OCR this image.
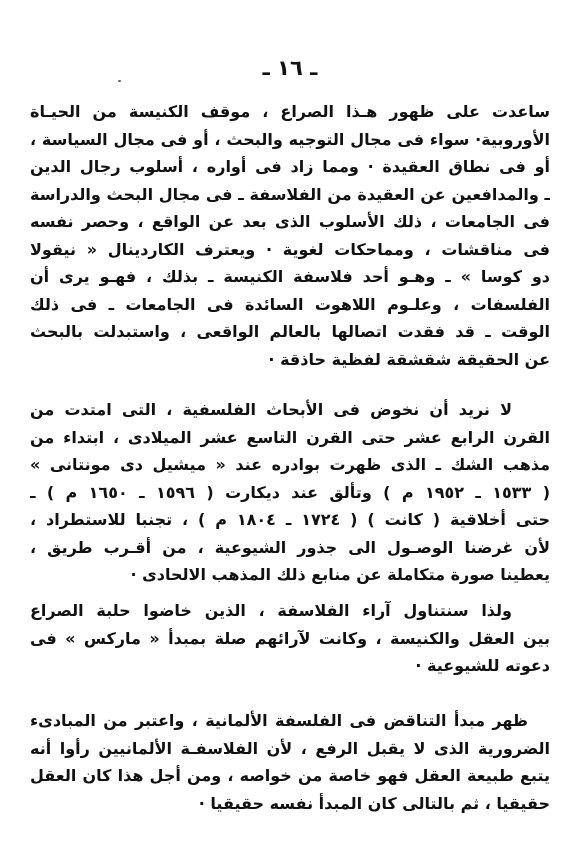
ـ ١٦ ـ
ساعدت على ظهور هـذا الصراع ، موقف الكنيسة من الحيـاة
الأوروبية· سواء فى مجال التوجيه والبحث ، أو فى مجال السياسة ،
أو فى نطاق العقيدة · ومما زاد فى أواره ، أسلوب رجال الدين
ـ والمدافعين عن العقيدة من الفلاسفة ـ فى مجال البحث والدراسة
فى الجامعات ، ذلك الأسلوب الذى بعد عن الواقع ، وحصر نفسه
فى مناقشات ، ومماحكات لغوية · ويعترف الكاردينال « نيقولا
دو كوسا » ـ وهـو أحد فلاسفة الكنيسة ـ بذلك ، فهـو يرى أن
الفلسفات ، وعلـوم اللاهوت السائدة فى الجامعات ـ فى ذلك
الوقت ـ قد فقدت اتصالها بالعالم الواقعى ، واستبدلت بالبحث
عن الحقيقة شقشقة لفظية حاذقة ·
لا نريد أن نخوض فى الأبحاث الفلسفية ، التى امتدت من
القرن الرابع عشر حتى القرن التاسع عشر الميلادى ، ابتداء من
مذهب الشك ـ الذى ظهرت بوادره عند « ميشيل دى مونتانى »
( ١٥٣٣ ـ ١٩٥٢ م ) وتألق عند ديكارت ( ١٥٩٦ ـ ١٦٥٠ م ) ـ
حتى أخلاقية ( كانت ) ( ١٧٢٤ ـ ١٨٠٤ م ) ، تجنبا للاستطراد ،
لأن غرضنا الوصـول الى جذور الشيوعية ، من أقـرب طريق ،
يعطينا صورة متكاملة عن منابع ذلك المذهب الالحادى ·
ولذا سنتناول آراء الفلاسفة ، الذين خاضوا حلبة الصراع
بين العقل والكنيسة ، وكانت لآرائهم صلة بمبدأ « ماركس » فى
دعوته للشيوعية ·
ظهر مبدأ التناقض فى الفلسفة الألمانية ، واعتبر من المبادىء
الضرورية الذى لا يقبل الرفع ، لأن الفلاسفـة الألمانيين رأوا أنه
يتبع طبيعة العقل فهو خاصة من خواصه ، ومن أجل هذا كان العقل
حقيقيا ، ثم بالتالى كان المبدأ نفسه حقيقيا ·
